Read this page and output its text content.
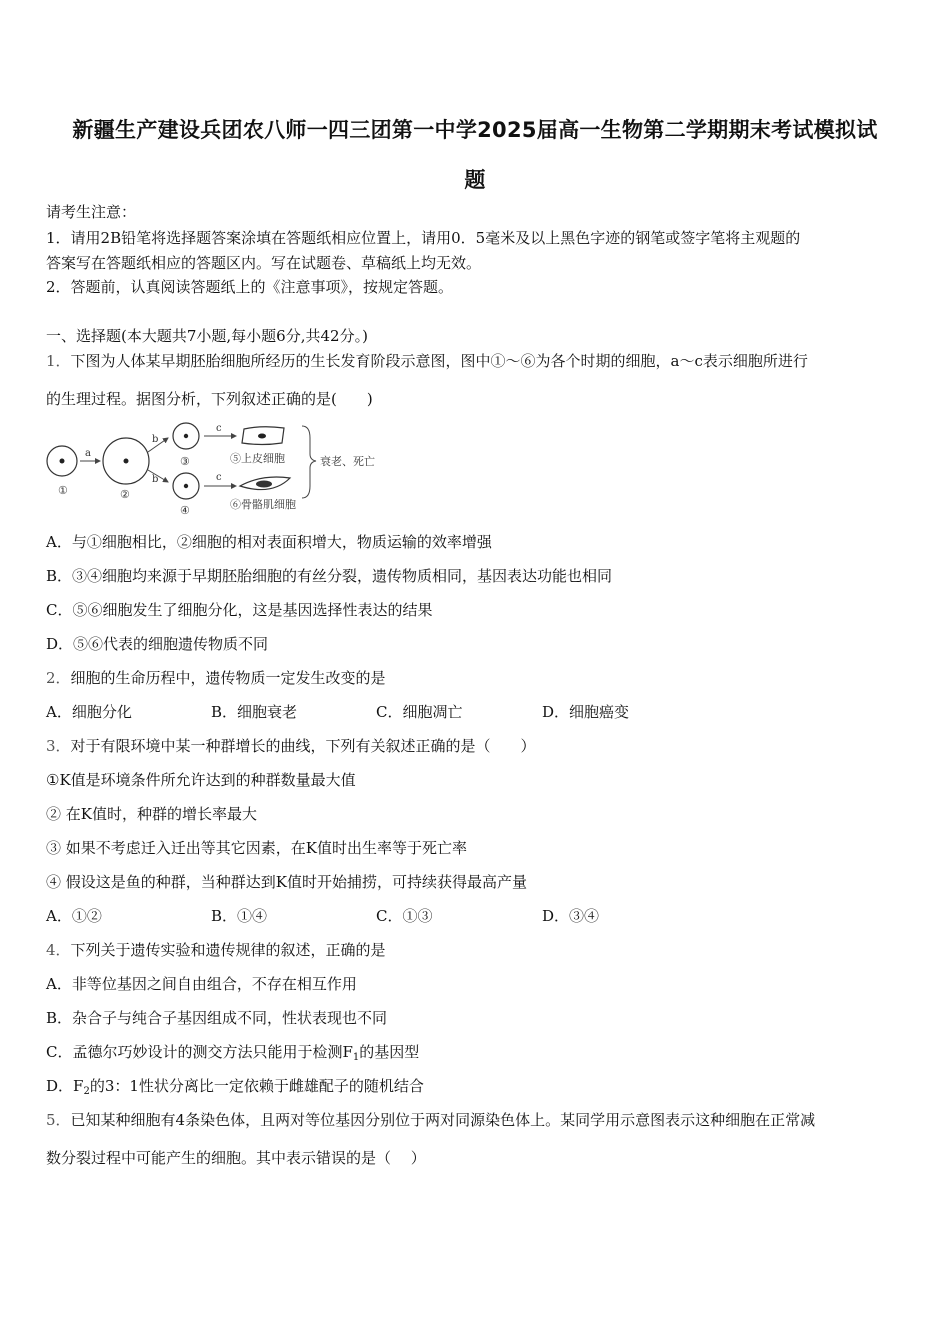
新疆生产建设兵团农八师一四三团第一中学2025届高一生物第二学期期末考试模拟试
题
请考生注意：
1．请用2B铅笔将选择题答案涂填在答题纸相应位置上，请用0．5毫米及以上黑色字迹的钢笔或签字笔将主观题的
答案写在答题纸相应的答题区内。写在试题卷、草稿纸上均无效。
2．答题前，认真阅读答题纸上的《注意事项》，按规定答题。
一、选择题(本大题共7小题,每小题6分,共42分。)
1．下图为人体某早期胚胎细胞所经历的生长发育阶段示意图，图中①～⑥为各个时期的细胞，a～c表示细胞所进行
的生理过程。据图分析，下列叙述正确的是(　　)
①
a
②
b
b
③
④
c
c
⑤上皮细胞
⑥骨骼肌细胞
衰老、死亡
A．与①细胞相比，②细胞的相对表面积增大，物质运输的效率增强
B．③④细胞均来源于早期胚胎细胞的有丝分裂，遗传物质相同，基因表达功能也相同
C．⑤⑥细胞发生了细胞分化，这是基因选择性表达的结果
D．⑤⑥代表的细胞遗传物质不同
2．细胞的生命历程中，遗传物质一定发生改变的是
A．细胞分化	B．细胞衰老	C．细胞凋亡	D．细胞癌变
3．对于有限环境中某一种群增长的曲线，下列有关叙述正确的是（　　）
①K值是环境条件所允许达到的种群数量最大值
② 在K值时，种群的增长率最大
③ 如果不考虑迁入迁出等其它因素，在K值时出生率等于死亡率
④ 假设这是鱼的种群，当种群达到K值时开始捕捞，可持续获得最高产量
A．①②	B．①④	C．①③	D．③④
4．下列关于遗传实验和遗传规律的叙述，正确的是
A．非等位基因之间自由组合，不存在相互作用
B．杂合子与纯合子基因组成不同，性状表现也不同
C．孟德尔巧妙设计的测交方法只能用于检测$F_1$的基因型
D．$F_2$的3：1性状分离比一定依赖于雌雄配子的随机结合
5．已知某种细胞有4条染色体，且两对等位基因分别位于两对同源染色体上。某同学用示意图表示这种细胞在正常减
数分裂过程中可能产生的细胞。其中表示错误的是（　 ）
